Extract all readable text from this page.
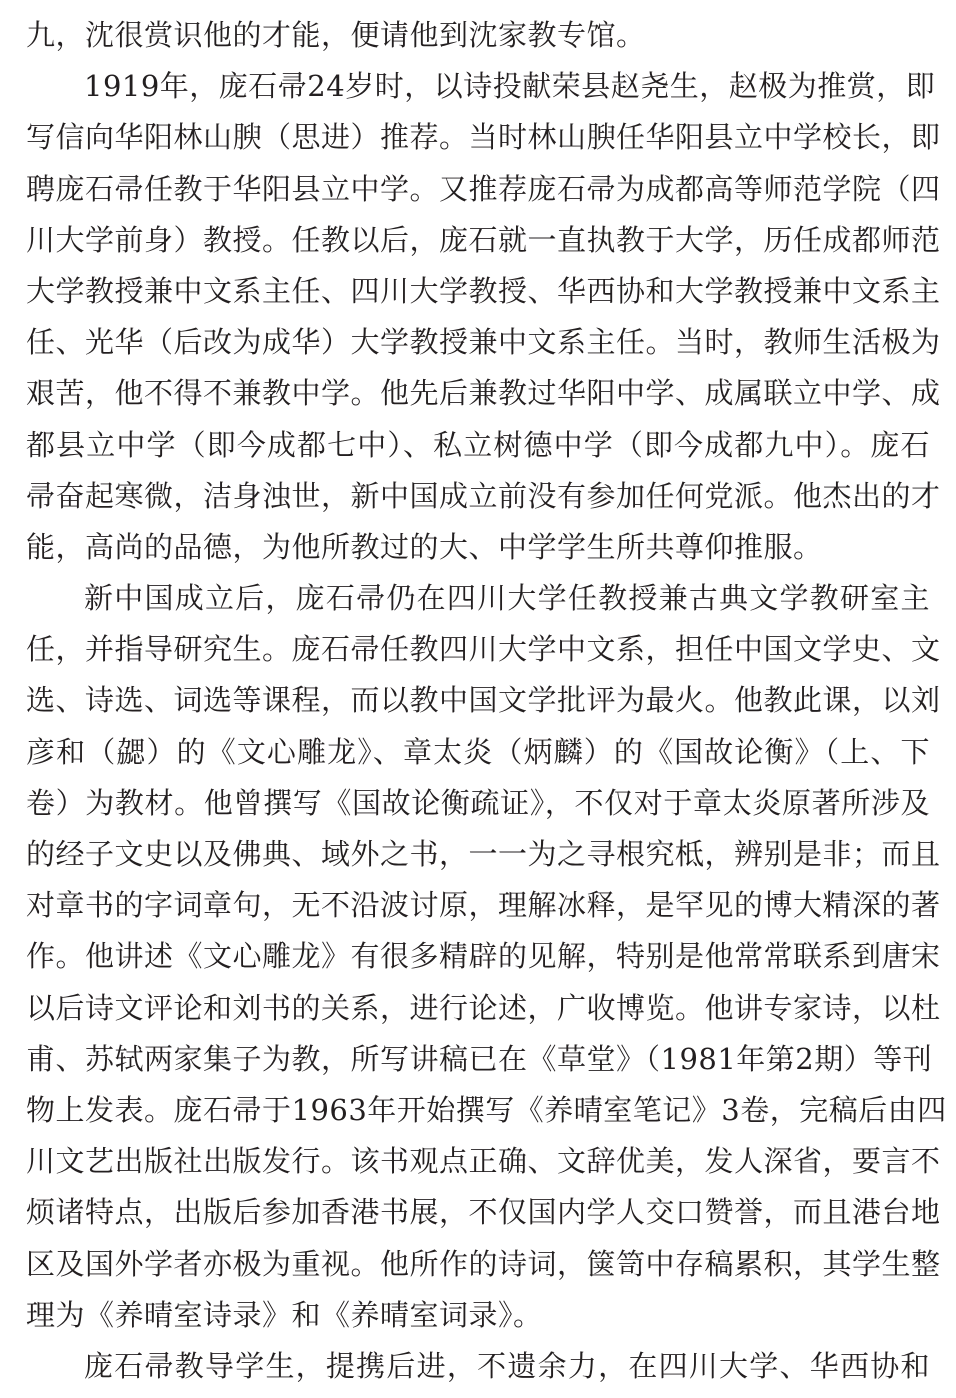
九，沈很赏识他的才能，便请他到沈家教专馆。
1919年，庞石帚24岁时，以诗投献荣县赵尧生，赵极为推赏，即
写信向华阳林山腴（思进）推荐。当时林山腴任华阳县立中学校长，即
聘庞石帚任教于华阳县立中学。又推荐庞石帚为成都高等师范学院（四
川大学前身）教授。任教以后，庞石就一直执教于大学，历任成都师范
大学教授兼中文系主任、四川大学教授、华西协和大学教授兼中文系主
任、光华（后改为成华）大学教授兼中文系主任。当时，教师生活极为
艰苦，他不得不兼教中学。他先后兼教过华阳中学、成属联立中学、成
都县立中学（即今成都七中）、私立树德中学（即今成都九中）。庞石
帚奋起寒微，洁身浊世，新中国成立前没有参加任何党派。他杰出的才
能，高尚的品德，为他所教过的大、中学学生所共尊仰推服。
新中国成立后，庞石帚仍在四川大学任教授兼古典文学教研室主
任，并指导研究生。庞石帚任教四川大学中文系，担任中国文学史、文
选、诗选、词选等课程，而以教中国文学批评为最火。他教此课，以刘
彦和（勰）的《文心雕龙》、章太炎（炳麟）的《国故论衡》（上、下
卷）为教材。他曾撰写《国故论衡疏证》，不仅对于章太炎原著所涉及
的经子文史以及佛典、域外之书，一一为之寻根究柢，辨别是非；而且
对章书的字词章句，无不沿波讨原，理解冰释，是罕见的博大精深的著
作。他讲述《文心雕龙》有很多精辟的见解，特别是他常常联系到唐宋
以后诗文评论和刘书的关系，进行论述，广收博览。他讲专家诗，以杜
甫、苏轼两家集子为教，所写讲稿已在《草堂》（1981年第2期）等刊
物上发表。庞石帚于1963年开始撰写《养晴室笔记》3卷，完稿后由四
川文艺出版社出版发行。该书观点正确、文辞优美，发人深省，要言不
烦诸特点，出版后参加香港书展，不仅国内学人交口赞誉，而且港台地
区及国外学者亦极为重视。他所作的诗词，箧笥中存稿累积，其学生整
理为《养晴室诗录》和《养晴室词录》。
庞石帚教导学生，提携后进，不遗余力，在四川大学、华西协和
